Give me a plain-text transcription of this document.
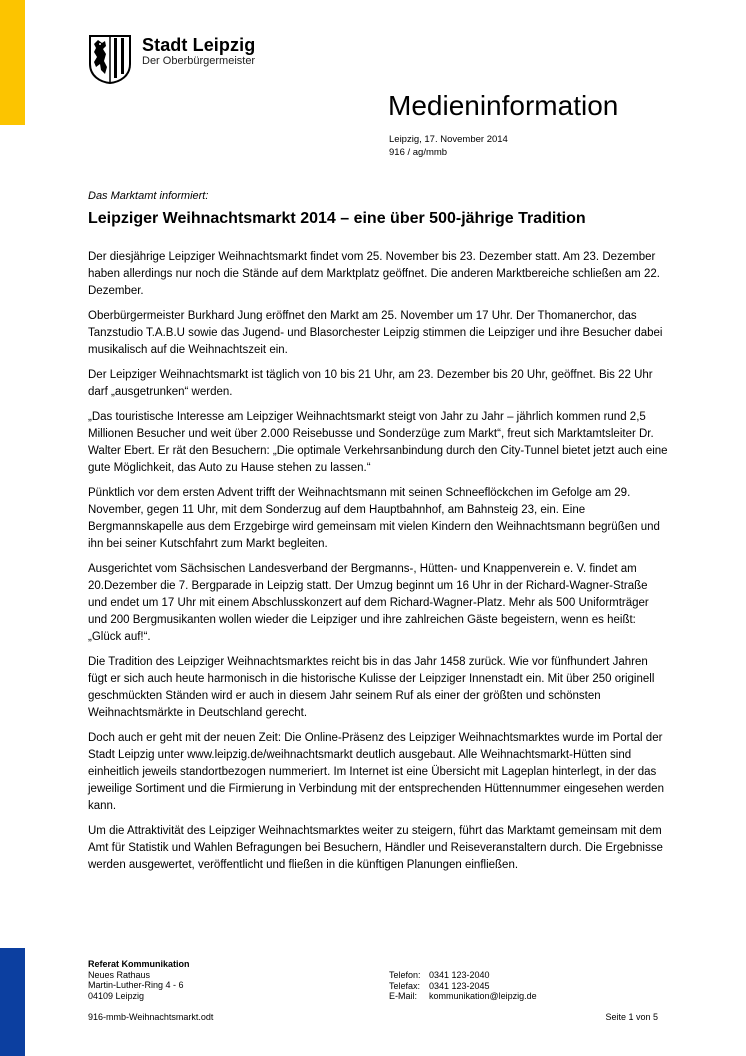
Stadt Leipzig
Der Oberbürgermeister
Medieninformation
Leipzig, 17. November 2014
916 / ag/mmb
Das Marktamt informiert:
Leipziger Weihnachtsmarkt 2014 – eine über 500-jährige Tradition

Der diesjährige Leipziger Weihnachtsmarkt findet vom 25. November bis 23. Dezember statt. Am 23. Dezember haben allerdings nur noch die Stände auf dem Marktplatz geöffnet. Die anderen Marktbereiche schließen am 22. Dezember.

Oberbürgermeister Burkhard Jung eröffnet den Markt am 25. November um 17 Uhr. Der Thomanerchor, das Tanzstudio T.A.B.U sowie das Jugend- und Blasorchester Leipzig stimmen die Leipziger und ihre Besucher dabei musikalisch auf die Weihnachtszeit ein.

Der Leipziger Weihnachtsmarkt ist täglich von 10 bis 21 Uhr, am 23. Dezember bis 20 Uhr, geöffnet. Bis 22 Uhr darf „ausgetrunken“ werden.

„Das touristische Interesse am Leipziger Weihnachtsmarkt steigt von Jahr zu Jahr – jährlich kommen rund 2,5 Millionen Besucher und weit über 2.000 Reisebusse und Sonderzüge zum Markt“, freut sich Marktamtsleiter Dr. Walter Ebert. Er rät den Besuchern: „Die optimale Verkehrsanbindung durch den City-Tunnel bietet jetzt auch eine gute Möglichkeit, das Auto zu Hause stehen zu lassen.“

Pünktlich vor dem ersten Advent trifft der Weihnachtsmann mit seinen Schneeflöckchen im Gefolge am 29. November, gegen 11 Uhr, mit dem Sonderzug auf dem Hauptbahnhof, am Bahnsteig 23, ein. Eine Bergmannskapelle aus dem Erzgebirge wird gemeinsam mit vielen Kindern den Weihnachtsmann begrüßen und ihn bei seiner Kutschfahrt zum Markt begleiten.

Ausgerichtet vom Sächsischen Landesverband der Bergmanns-, Hütten- und Knappenverein e. V. findet am 20.Dezember die 7. Bergparade in Leipzig statt. Der Umzug beginnt um 16 Uhr in der Richard-Wagner-Straße und endet um 17 Uhr mit einem Abschlusskonzert auf dem Richard-Wagner-Platz. Mehr als 500 Uniformträger und 200 Bergmusikanten wollen wieder die Leipziger und ihre zahlreichen Gäste begeistern, wenn es heißt: „Glück auf!“.

Die Tradition des Leipziger Weihnachtsmarktes reicht bis in das Jahr 1458 zurück. Wie vor fünfhundert Jahren fügt er sich auch heute harmonisch in die historische Kulisse der Leipziger Innenstadt ein. Mit über 250 originell geschmückten Ständen wird er auch in diesem Jahr seinem Ruf als einer der größten und schönsten Weihnachtsmärkte in Deutschland gerecht.

Doch auch er geht mit der neuen Zeit: Die Online-Präsenz des Leipziger Weihnachtsmarktes wurde im Portal der Stadt Leipzig unter www.leipzig.de/weihnachtsmarkt deutlich ausgebaut. Alle Weihnachtsmarkt-Hütten sind einheitlich jeweils standortbezogen nummeriert. Im Internet ist eine Übersicht mit Lageplan hinterlegt, in der das jeweilige Sortiment und die Firmierung in Verbindung mit der entsprechenden Hüttennummer eingesehen werden kann.

Um die Attraktivität des Leipziger Weihnachtsmarktes weiter zu steigern, führt das Marktamt gemeinsam mit dem Amt für Statistik und Wahlen Befragungen bei Besuchern, Händler und Reiseveranstaltern durch. Die Ergebnisse werden ausgewertet, veröffentlicht und fließen in die künftigen Planungen einfließen.

Referat Kommunikation
Neues Rathaus
Martin-Luther-Ring 4 - 6
04109 Leipzig
Telefon: 0341 123-2040
Telefax: 0341 123-2045
E-Mail:	kommunikation@leipzig.de
916-mmb-Weihnachtsmarkt.odt	Seite 1 von 5
